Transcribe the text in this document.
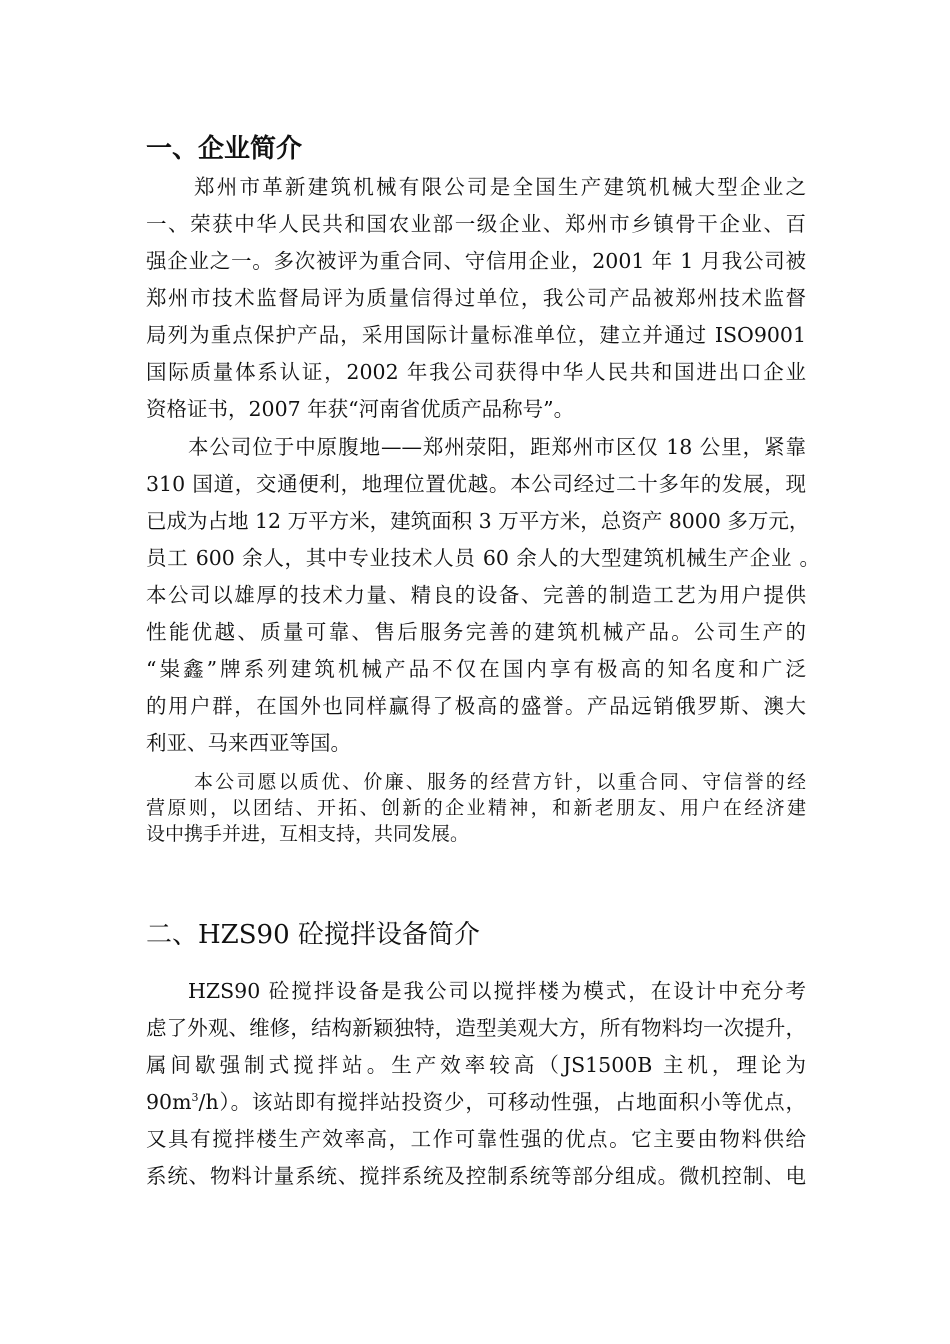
一、企业简介
郑州市革新建筑机械有限公司是全国生产建筑机械大型企业之
一、荣获中华人民共和国农业部一级企业、郑州市乡镇骨干企业、百
强企业之一。多次被评为重合同、守信用企业，2001 年 1 月我公司被
郑州市技术监督局评为质量信得过单位，我公司产品被郑州技术监督
局列为重点保护产品，采用国际计量标准单位，建立并通过 ISO9001
国际质量体系认证，2002 年我公司获得中华人民共和国进出口企业
资格证书，2007 年获“河南省优质产品称号”。
本公司位于中原腹地——郑州荥阳，距郑州市区仅 18 公里，紧靠
310 国道，交通便利，地理位置优越。本公司经过二十多年的发展，现
已成为占地 12 万平方米，建筑面积 3 万平方米，总资产 8000 多万元，
员工 600 余人，其中专业技术人员 60 余人的大型建筑机械生产企业 。
本公司以雄厚的技术力量、精良的设备、完善的制造工艺为用户提供
性能优越、质量可靠、售后服务完善的建筑机械产品。公司生产的
“粜鑫”牌系列建筑机械产品不仅在国内享有极高的知名度和广泛
的用户群，在国外也同样赢得了极高的盛誉。产品远销俄罗斯、澳大
利亚、马来西亚等国。
本公司愿以质优、价廉、服务的经营方针，以重合同、守信誉的经
营原则，以团结、开拓、创新的企业精神，和新老朋友、用户在经济建
设中携手并进，互相支持，共同发展。
二、HZS90 砼搅拌设备简介
HZS90 砼搅拌设备是我公司以搅拌楼为模式，在设计中充分考
虑了外观、维修，结构新颖独特，造型美观大方，所有物料均一次提升，
属间歇强制式搅拌站。生产效率较高（JS1500B 主机，理论为
$90m^3/h$）。该站即有搅拌站投资少，可移动性强，占地面积小等优点，
又具有搅拌楼生产效率高，工作可靠性强的优点。它主要由物料供给
系统、物料计量系统、搅拌系统及控制系统等部分组成。微机控制、电
